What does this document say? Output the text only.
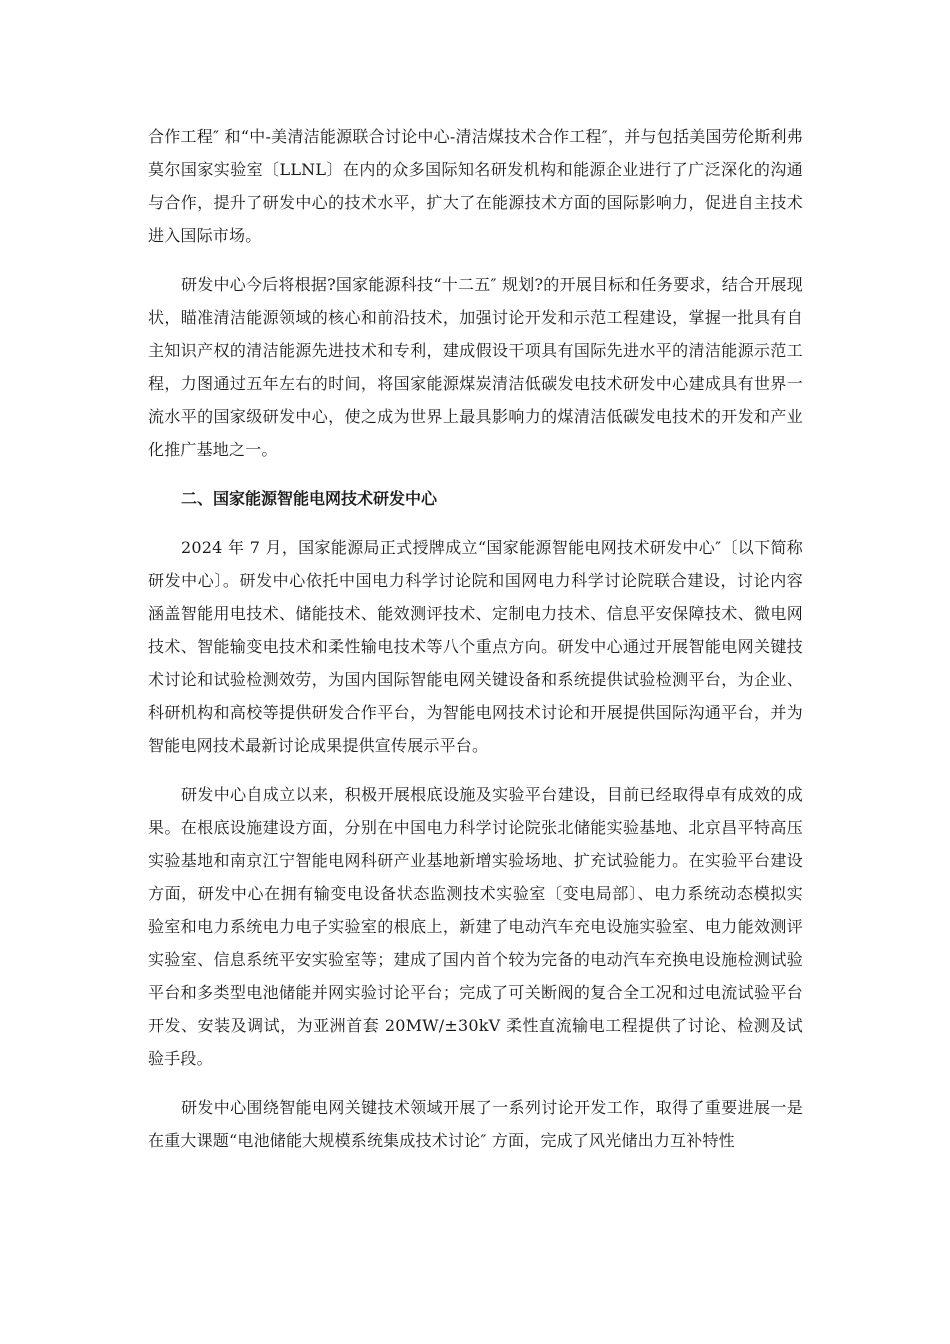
合作工程″ 和“中-美清洁能源联合讨论中心-清洁煤技术合作工程″，并与包括美国劳伦斯利弗莫尔国家实验室〔LLNL〕在内的众多国际知名研发机构和能源企业进行了广泛深化的沟通与合作，提升了研发中心的技术水平，扩大了在能源技术方面的国际影响力，促进自主技术进入国际市场。

研发中心今后将根据?国家能源科技“十二五″ 规划?的开展目标和任务要求，结合开展现状，瞄准清洁能源领域的核心和前沿技术，加强讨论开发和示范工程建设，掌握一批具有自主知识产权的清洁能源先进技术和专利，建成假设干项具有国际先进水平的清洁能源示范工程，力图通过五年左右的时间，将国家能源煤炭清洁低碳发电技术研发中心建成具有世界一流水平的国家级研发中心，使之成为世界上最具影响力的煤清洁低碳发电技术的开发和产业化推广基地之一。

二、国家能源智能电网技术研发中心

2024 年 7 月，国家能源局正式授牌成立“国家能源智能电网技术研发中心″〔以下简称研发中心〕。研发中心依托中国电力科学讨论院和国网电力科学讨论院联合建设，讨论内容涵盖智能用电技术、储能技术、能效测评技术、定制电力技术、信息平安保障技术、微电网技术、智能输变电技术和柔性输电技术等八个重点方向。研发中心通过开展智能电网关键技术讨论和试验检测效劳，为国内国际智能电网关键设备和系统提供试验检测平台，为企业、科研机构和高校等提供研发合作平台，为智能电网技术讨论和开展提供国际沟通平台，并为智能电网技术最新讨论成果提供宣传展示平台。

研发中心自成立以来，积极开展根底设施及实验平台建设，目前已经取得卓有成效的成果。在根底设施建设方面，分别在中国电力科学讨论院张北储能实验基地、北京昌平特高压实验基地和南京江宁智能电网科研产业基地新增实验场地、扩充试验能力。在实验平台建设方面，研发中心在拥有输变电设备状态监测技术实验室〔变电局部〕、电力系统动态模拟实验室和电力系统电力电子实验室的根底上，新建了电动汽车充电设施实验室、电力能效测评实验室、信息系统平安实验室等；建成了国内首个较为完备的电动汽车充换电设施检测试验平台和多类型电池储能并网实验讨论平台；完成了可关断阀的复合全工况和过电流试验平台开发、安装及调试，为亚洲首套 20MW/±30kV 柔性直流输电工程提供了讨论、检测及试验手段。

研发中心围绕智能电网关键技术领域开展了一系列讨论开发工作，取得了重要进展一是在重大课题“电池储能大规模系统集成技术讨论″ 方面，完成了风光储出力互补特性
